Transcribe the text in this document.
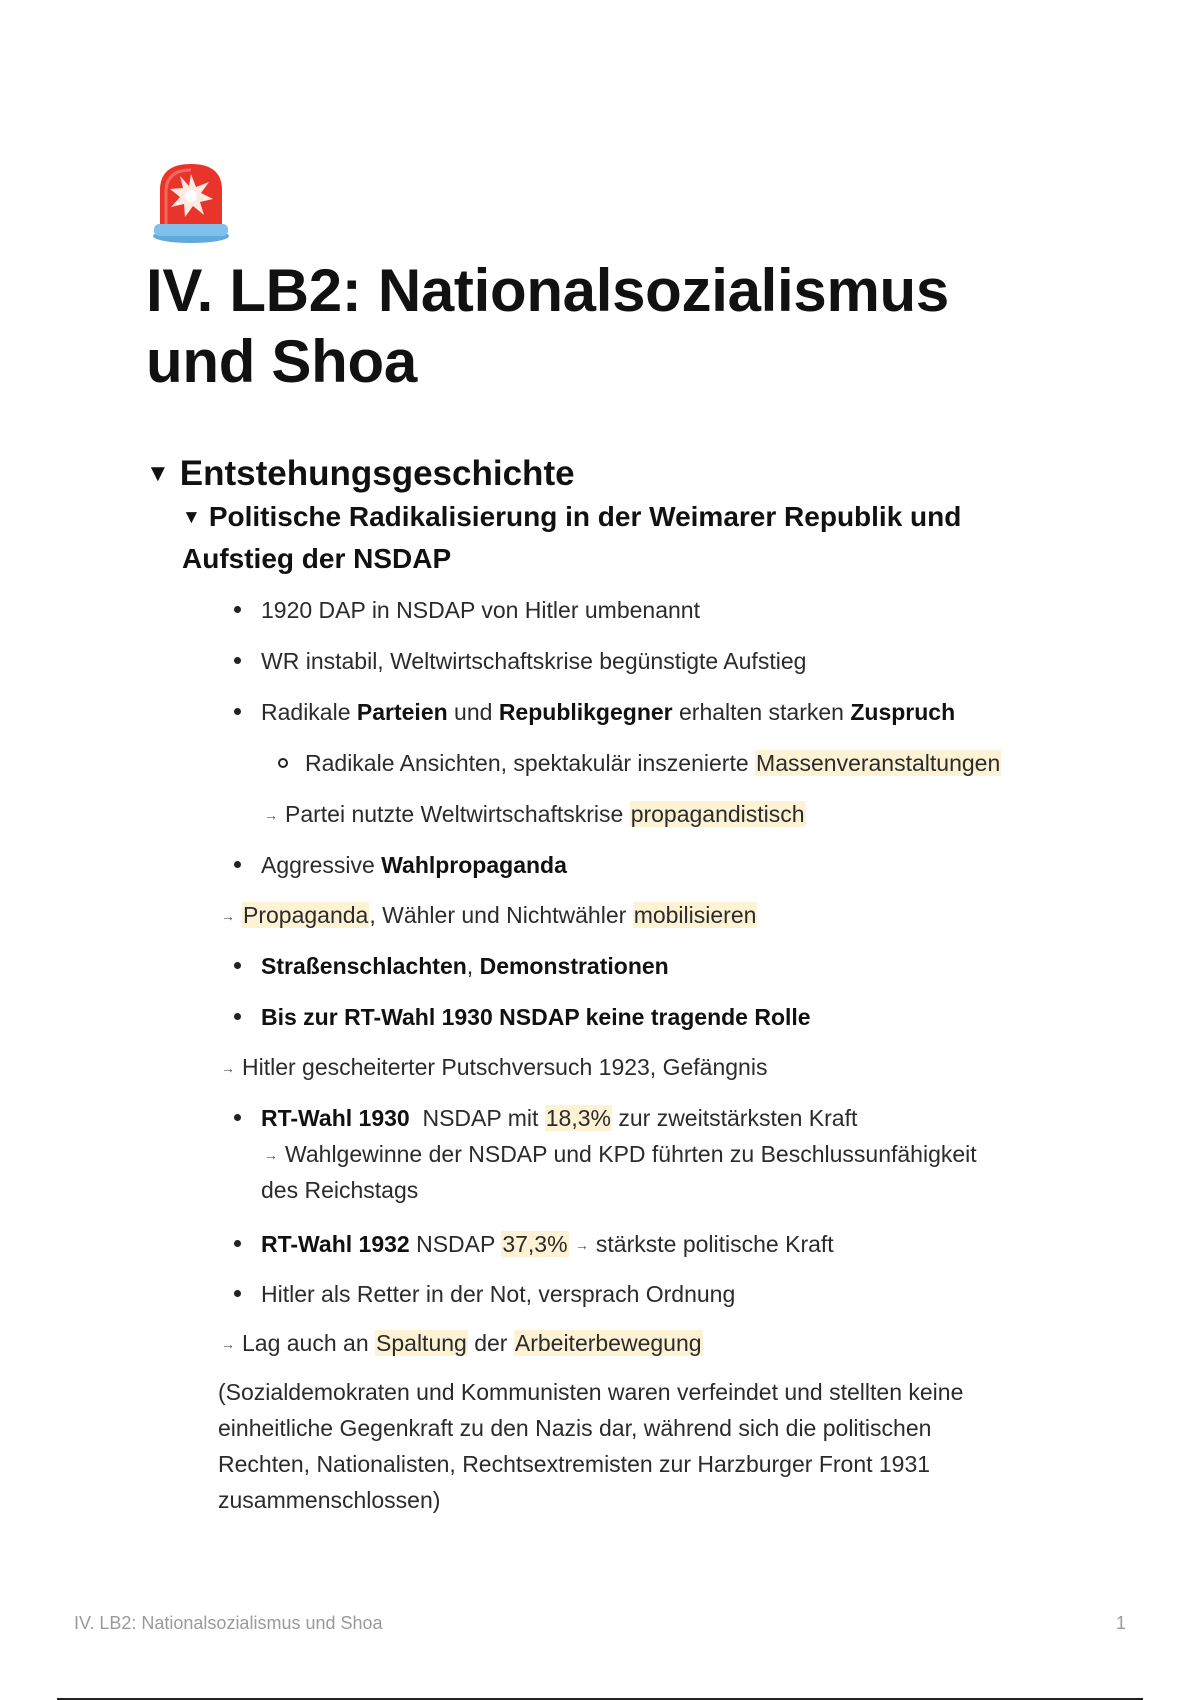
IV. LB2: Nationalsozialismus und Shoa
▼ Entstehungsgeschichte
▼ Politische Radikalisierung in der Weimarer Republik und Aufstieg der NSDAP
1920 DAP in NSDAP von Hitler umbenannt
WR instabil, Weltwirtschaftskrise begünstigte Aufstieg
Radikale Parteien und Republikgegner erhalten starken Zuspruch
Radikale Ansichten, spektakulär inszenierte Massenveranstaltungen
→ Partei nutzte Weltwirtschaftskrise propagandistisch
Aggressive Wahlpropaganda
→ Propaganda, Wähler und Nichtwähler mobilisieren
Straßenschlachten, Demonstrationen
Bis zur RT-Wahl 1930 NSDAP keine tragende Rolle
→ Hitler gescheiterter Putschversuch 1923, Gefängnis
RT-Wahl 1930  NSDAP mit 18,3% zur zweitstärksten Kraft
→ Wahlgewinne der NSDAP und KPD führten zu Beschlussunfähigkeit
des Reichstags
RT-Wahl 1932 NSDAP 37,3% → stärkste politische Kraft
Hitler als Retter in der Not, versprach Ordnung
→ Lag auch an Spaltung der Arbeiterbewegung
(Sozialdemokraten und Kommunisten waren verfeindet und stellten keine
einheitliche Gegenkraft zu den Nazis dar, während sich die politischen
Rechten, Nationalisten, Rechtsextremisten zur Harzburger Front 1931
zusammenschlossen)
IV. LB2: Nationalsozialismus und Shoa	1
